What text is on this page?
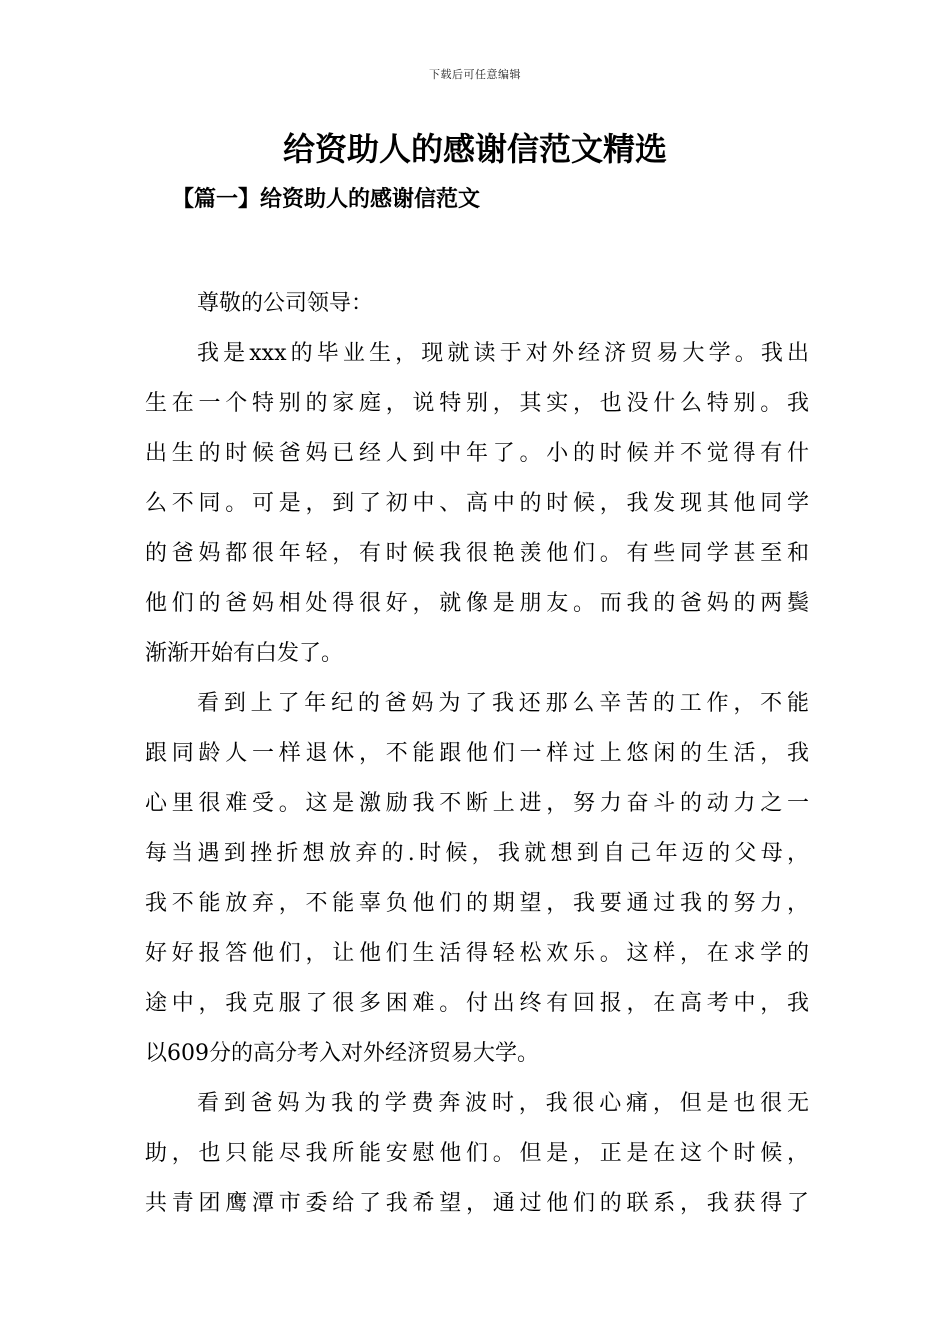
下载后可任意编辑
给资助人的感谢信范文精选
【篇一】给资助人的感谢信范文

尊敬的公司领导：

我是xxx的毕业生，现就读于对外经济贸易大学。我出
生在一个特别的家庭，说特别，其实，也没什么特别。我
出生的时候爸妈已经人到中年了。小的时候并不觉得有什
么不同。可是，到了初中、高中的时候，我发现其他同学
的爸妈都很年轻，有时候我很艳羡他们。有些同学甚至和
他们的爸妈相处得很好，就像是朋友。而我的爸妈的两鬓
渐渐开始有白发了。
看到上了年纪的爸妈为了我还那么辛苦的工作，不能
跟同龄人一样退休，不能跟他们一样过上悠闲的生活，我
心里很难受。这是激励我不断上进，努力奋斗的动力之一
每当遇到挫折想放弃的.时候，我就想到自己年迈的父母，
我不能放弃，不能辜负他们的期望，我要通过我的努力，
好好报答他们，让他们生活得轻松欢乐。这样，在求学的
途中，我克服了很多困难。付出终有回报，在高考中，我
以609分的高分考入对外经济贸易大学。
看到爸妈为我的学费奔波时，我很心痛，但是也很无
助，也只能尽我所能安慰他们。但是，正是在这个时候，
共青团鹰潭市委给了我希望，通过他们的联系，我获得了
